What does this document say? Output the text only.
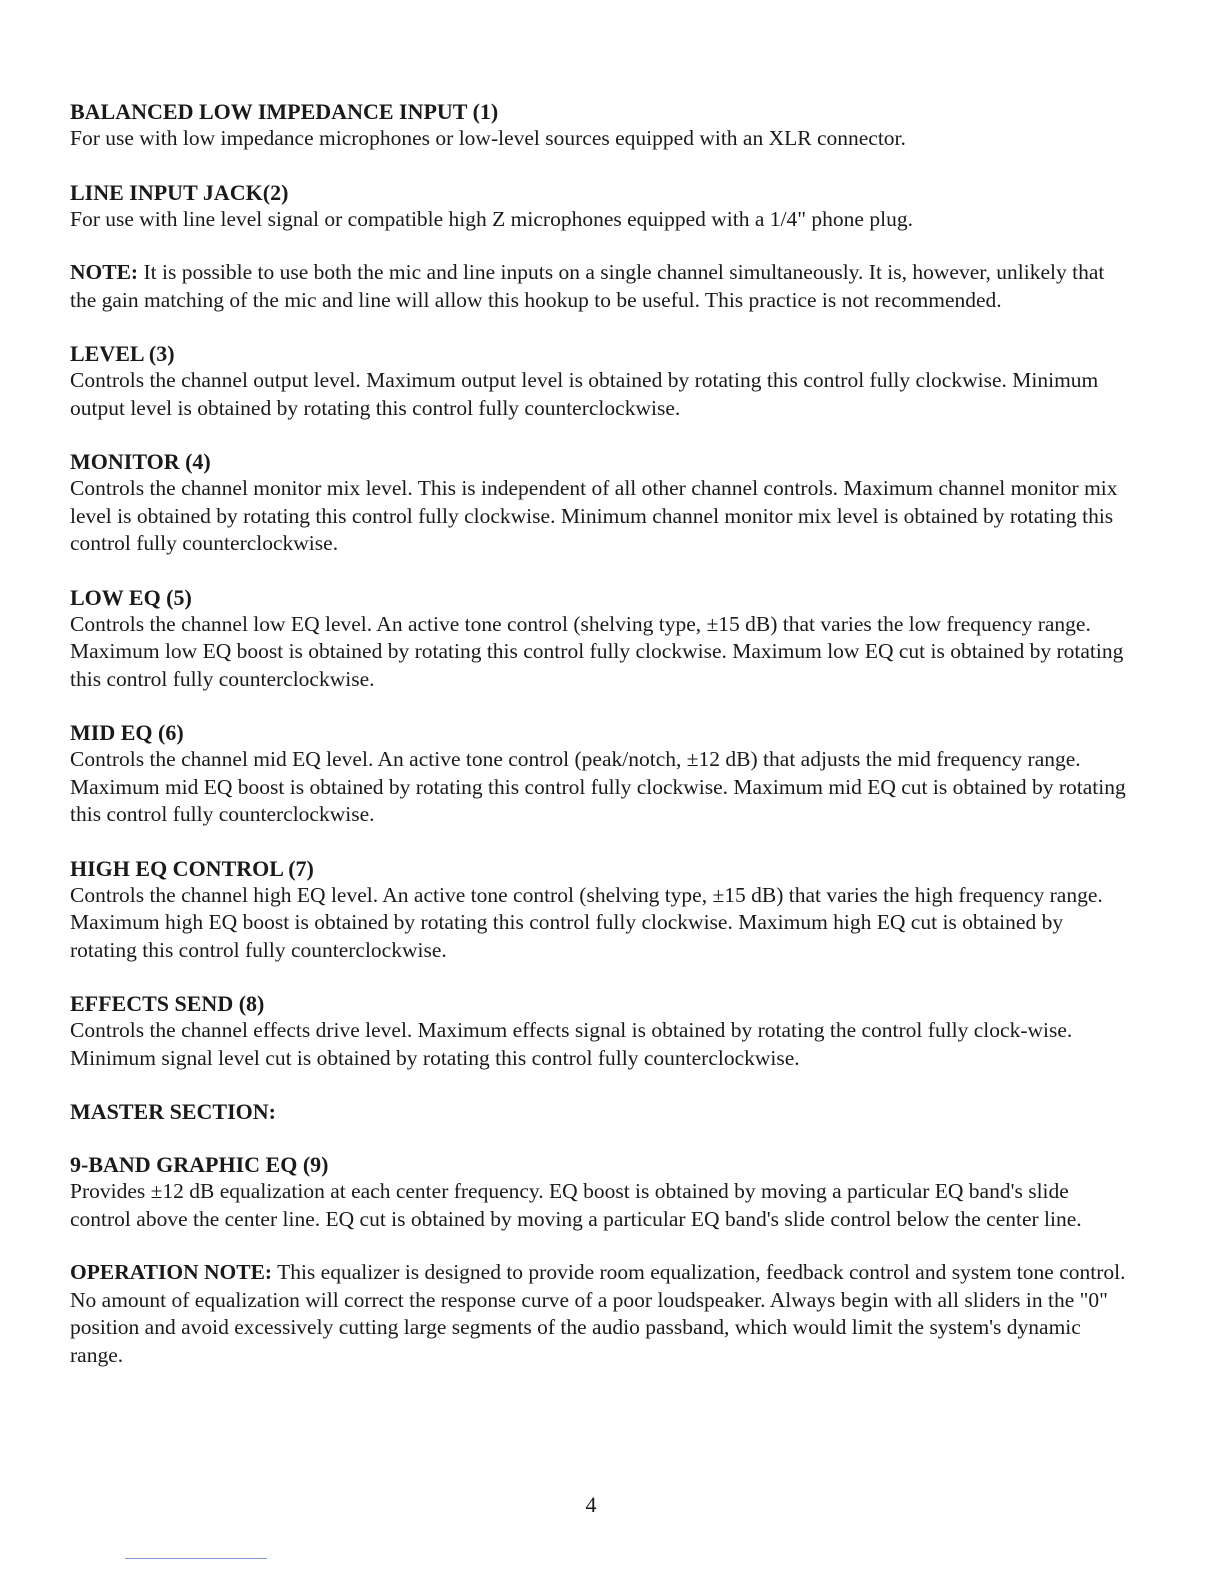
BALANCED LOW IMPEDANCE INPUT (1)

For use with low impedance microphones or low-level sources equipped with an XLR connector.

LINE INPUT JACK(2)

For use with line level signal or compatible high Z microphones equipped with a 1/4" phone plug.

NOTE: It is possible to use both the mic and line inputs on a single channel simultaneously. It is, however, unlikely that the gain matching of the mic and line will allow this hookup to be useful. This practice is not recommended.

LEVEL (3)

Controls the channel output level. Maximum output level is obtained by rotating this control fully clockwise. Minimum output level is obtained by rotating this control fully counterclockwise.

MONITOR (4)

Controls the channel monitor mix level. This is independent of all other channel controls. Maximum channel monitor mix level is obtained by rotating this control fully clockwise. Minimum channel monitor mix level is obtained by rotating this control fully counterclockwise.

LOW EQ (5)

Controls the channel low EQ level. An active tone control (shelving type, ±15 dB) that varies the low frequency range. Maximum low EQ boost is obtained by rotating this control fully clockwise. Maximum low EQ cut is obtained by rotating this control fully counterclockwise.

MID EQ (6)

Controls the channel mid EQ level. An active tone control (peak/notch, ±12 dB) that adjusts the mid frequency range. Maximum mid EQ boost is obtained by rotating this control fully clockwise. Maximum mid EQ cut is obtained by rotating this control fully counterclockwise.

HIGH EQ CONTROL (7)

Controls the channel high EQ level. An active tone control (shelving type, ±15 dB) that varies the high frequency range. Maximum high EQ boost is obtained by rotating this control fully clockwise. Maximum high EQ cut is obtained by rotating this control fully counterclockwise.

EFFECTS SEND (8)

Controls the channel effects drive level. Maximum effects signal is obtained by rotating the control fully clock-wise. Minimum signal level cut is obtained by rotating this control fully counterclockwise.

MASTER SECTION:

9-BAND GRAPHIC EQ (9)

Provides ±12 dB equalization at each center frequency. EQ boost is obtained by moving a particular EQ band's slide control above the center line. EQ cut is obtained by moving a particular EQ band's slide control below the center line.

OPERATION NOTE: This equalizer is designed to provide room equalization, feedback control and system tone control. No amount of equalization will correct the response curve of a poor loudspeaker. Always begin with all sliders in the "0" position and avoid excessively cutting large segments of the audio passband, which would limit the system's dynamic range.

4
